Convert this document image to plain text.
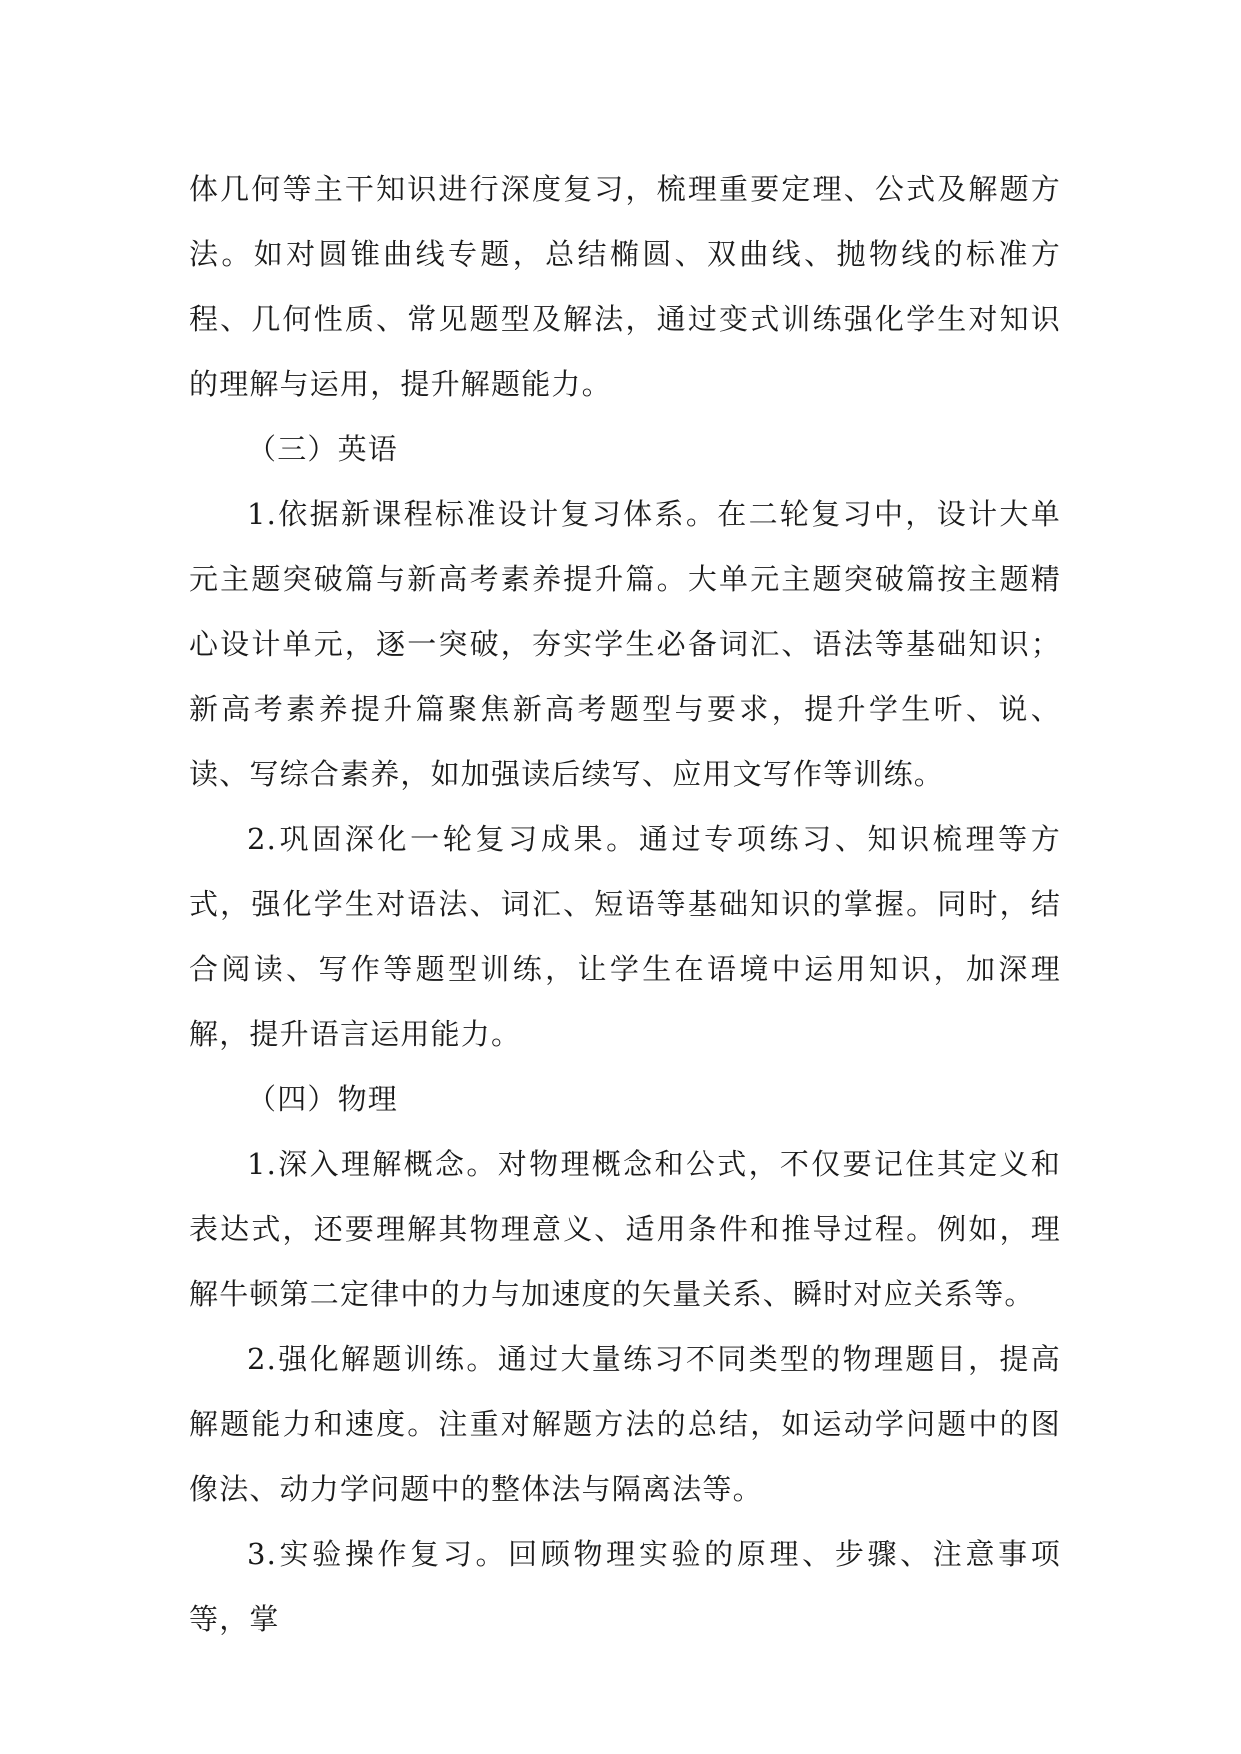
体几何等主干知识进行深度复习，梳理重要定理、公式及解题方法。如对圆锥曲线专题，总结椭圆、双曲线、抛物线的标准方程、几何性质、常见题型及解法，通过变式训练强化学生对知识的理解与运用，提升解题能力。

（三）英语

1.依据新课程标准设计复习体系。在二轮复习中，设计大单元主题突破篇与新高考素养提升篇。大单元主题突破篇按主题精心设计单元，逐一突破，夯实学生必备词汇、语法等基础知识；新高考素养提升篇聚焦新高考题型与要求，提升学生听、说、读、写综合素养，如加强读后续写、应用文写作等训练。

2.巩固深化一轮复习成果。通过专项练习、知识梳理等方式，强化学生对语法、词汇、短语等基础知识的掌握。同时，结合阅读、写作等题型训练，让学生在语境中运用知识，加深理解，提升语言运用能力。

（四）物理

1.深入理解概念。对物理概念和公式，不仅要记住其定义和表达式，还要理解其物理意义、适用条件和推导过程。例如，理解牛顿第二定律中的力与加速度的矢量关系、瞬时对应关系等。

2.强化解题训练。通过大量练习不同类型的物理题目，提高解题能力和速度。注重对解题方法的总结，如运动学问题中的图像法、动力学问题中的整体法与隔离法等。

3.实验操作复习。回顾物理实验的原理、步骤、注意事项等，掌
